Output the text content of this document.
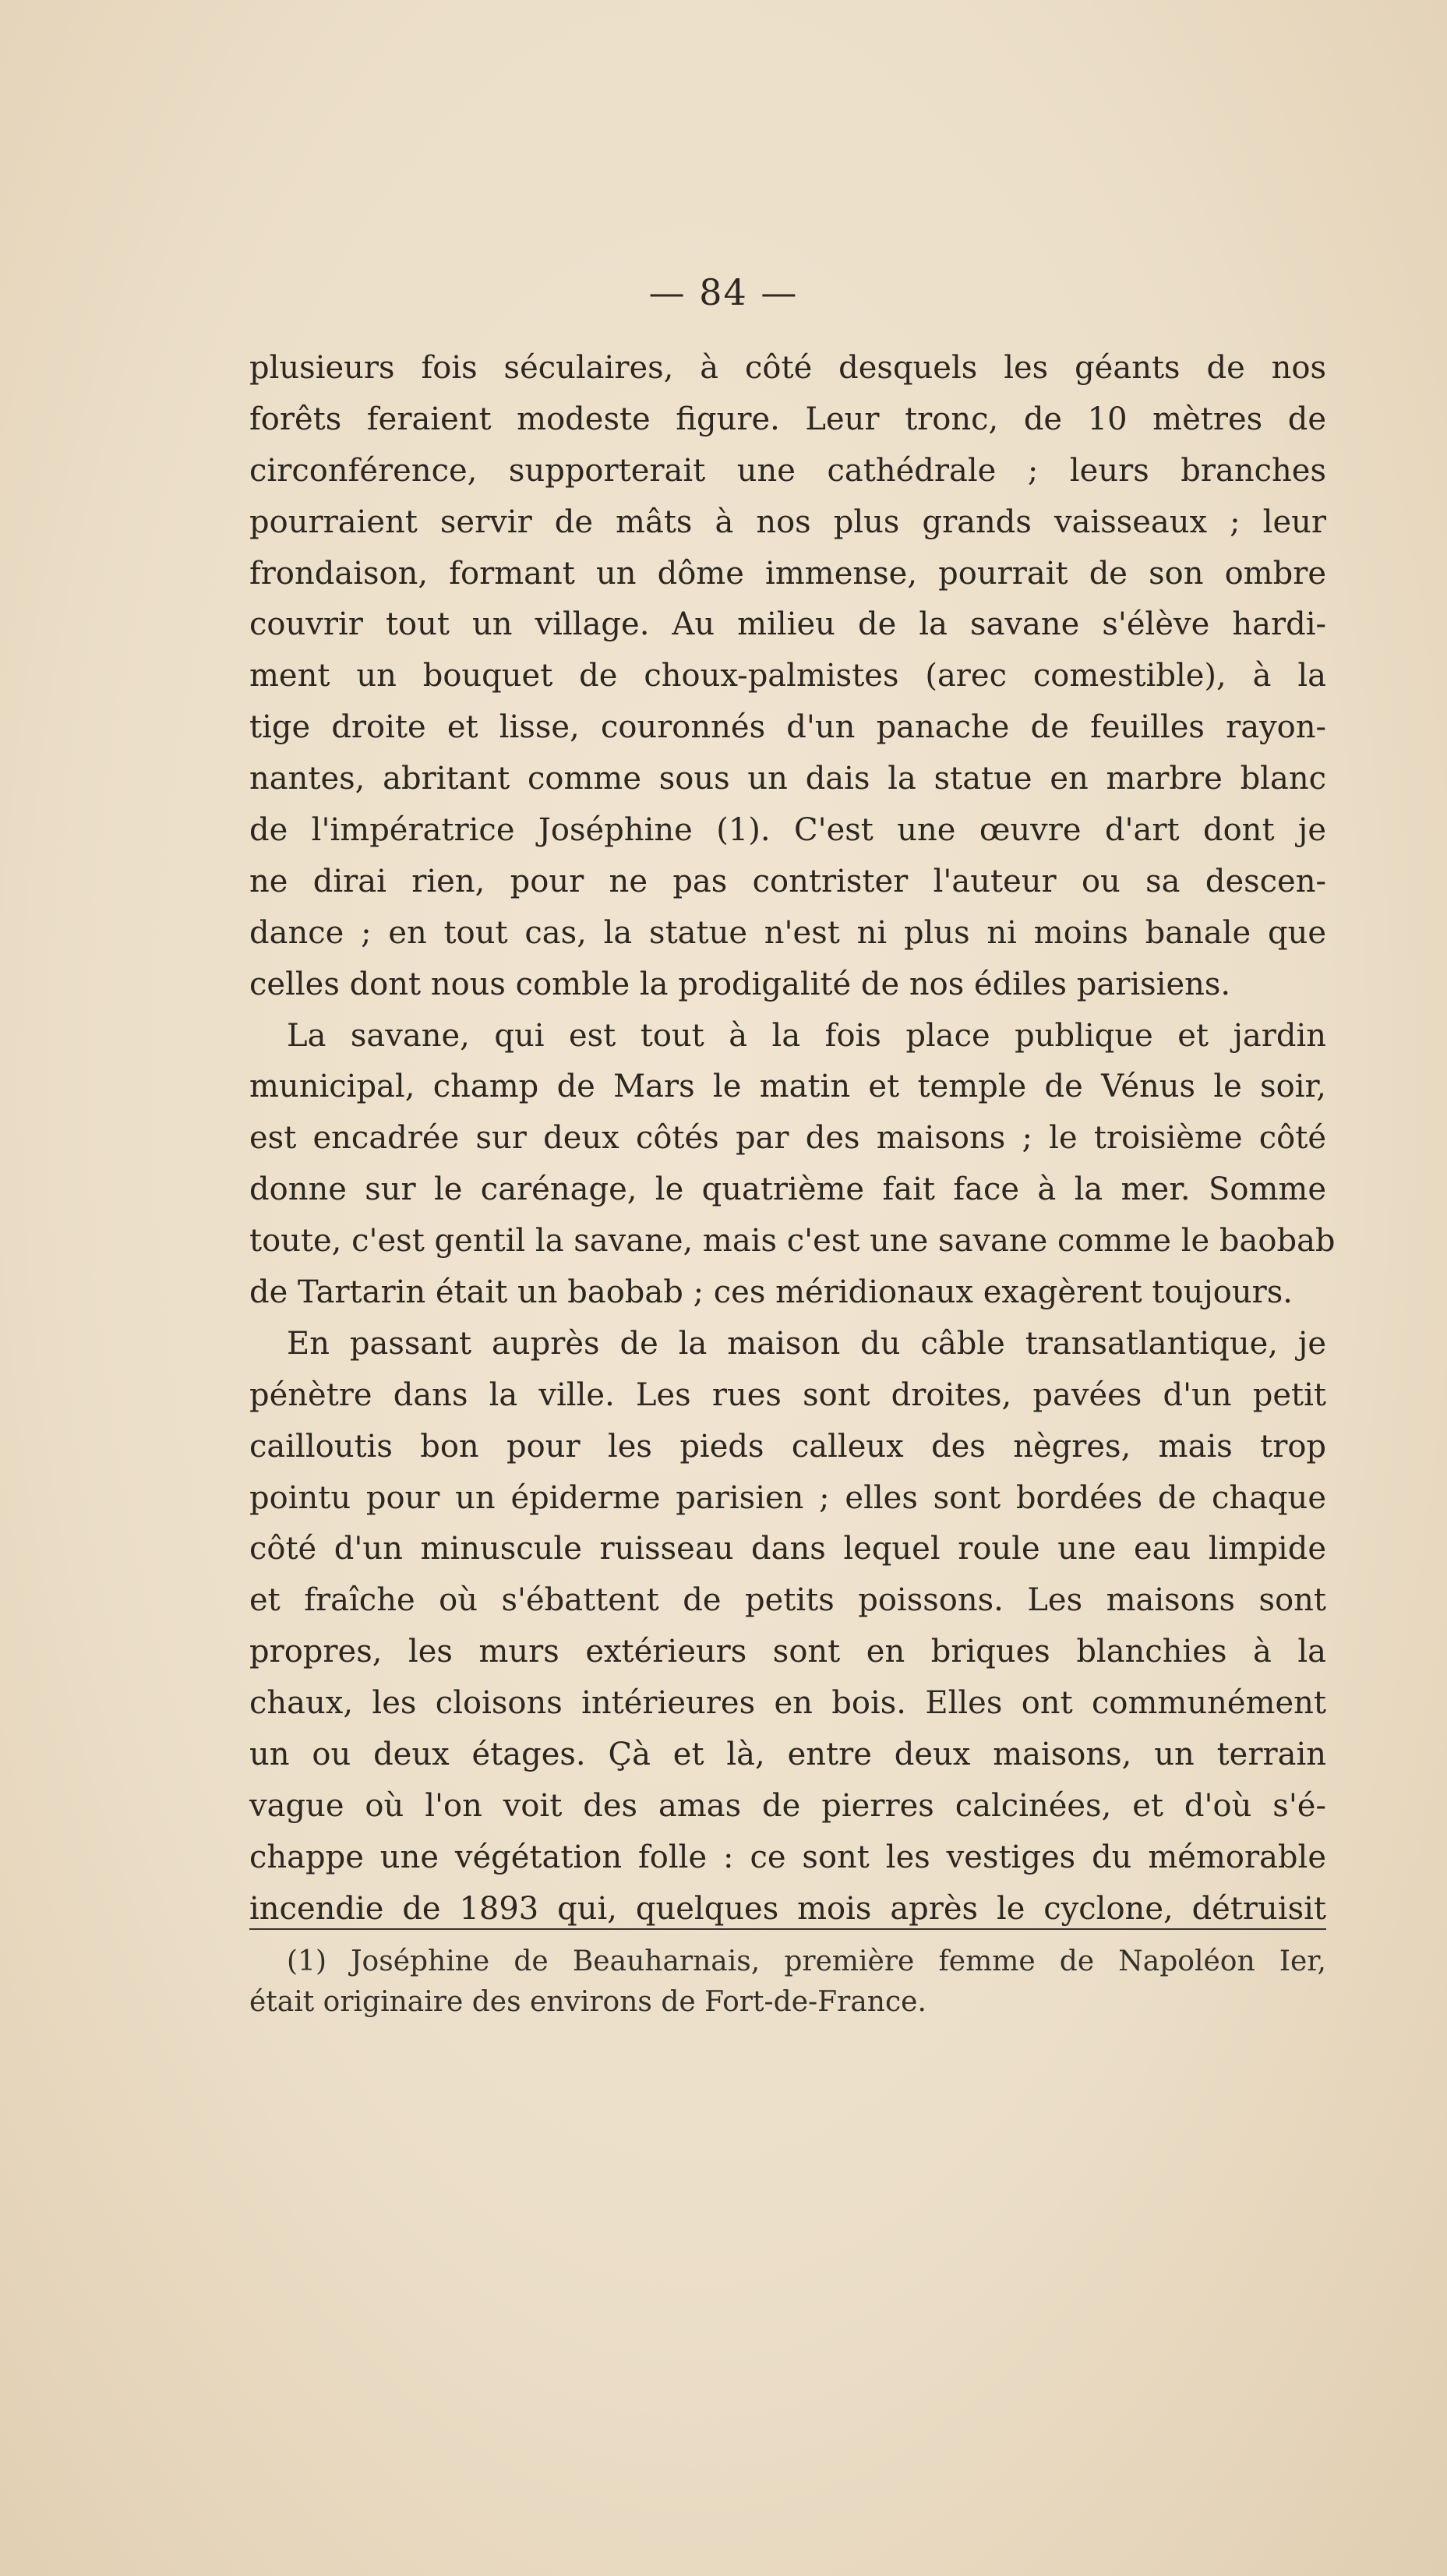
— 84 —
plusieurs fois séculaires, à côté desquels les géants de nos
forêts feraient modeste figure. Leur tronc, de 10 mètres de
circonférence, supporterait une cathédrale ; leurs branches
pourraient servir de mâts à nos plus grands vaisseaux ; leur
frondaison, formant un dôme immense, pourrait de son ombre
couvrir tout un village. Au milieu de la savane s'élève hardi-
ment un bouquet de choux-palmistes (arec comestible), à la
tige droite et lisse, couronnés d'un panache de feuilles rayon-
nantes, abritant comme sous un dais la statue en marbre blanc
de l'impératrice Joséphine (1). C'est une œuvre d'art dont je
ne dirai rien, pour ne pas contrister l'auteur ou sa descen-
dance ; en tout cas, la statue n'est ni plus ni moins banale que
celles dont nous comble la prodigalité de nos édiles parisiens.
La savane, qui est tout à la fois place publique et jardin
municipal, champ de Mars le matin et temple de Vénus le soir,
est encadrée sur deux côtés par des maisons ; le troisième côté
donne sur le carénage, le quatrième fait face à la mer. Somme
toute, c'est gentil la savane, mais c'est une savane comme le baobab
de Tartarin était un baobab ; ces méridionaux exagèrent toujours.
En passant auprès de la maison du câble transatlantique, je
pénètre dans la ville. Les rues sont droites, pavées d'un petit
cailloutis bon pour les pieds calleux des nègres, mais trop
pointu pour un épiderme parisien ; elles sont bordées de chaque
côté d'un minuscule ruisseau dans lequel roule une eau limpide
et fraîche où s'ébattent de petits poissons. Les maisons sont
propres, les murs extérieurs sont en briques blanchies à la
chaux, les cloisons intérieures en bois. Elles ont communément
un ou deux étages. Çà et là, entre deux maisons, un terrain
vague où l'on voit des amas de pierres calcinées, et d'où s'é-
chappe une végétation folle : ce sont les vestiges du mémorable
incendie de 1893 qui, quelques mois après le cyclone, détruisit
(1) Joséphine de Beauharnais, première femme de Napoléon Ier,
était originaire des environs de Fort-de-France.
